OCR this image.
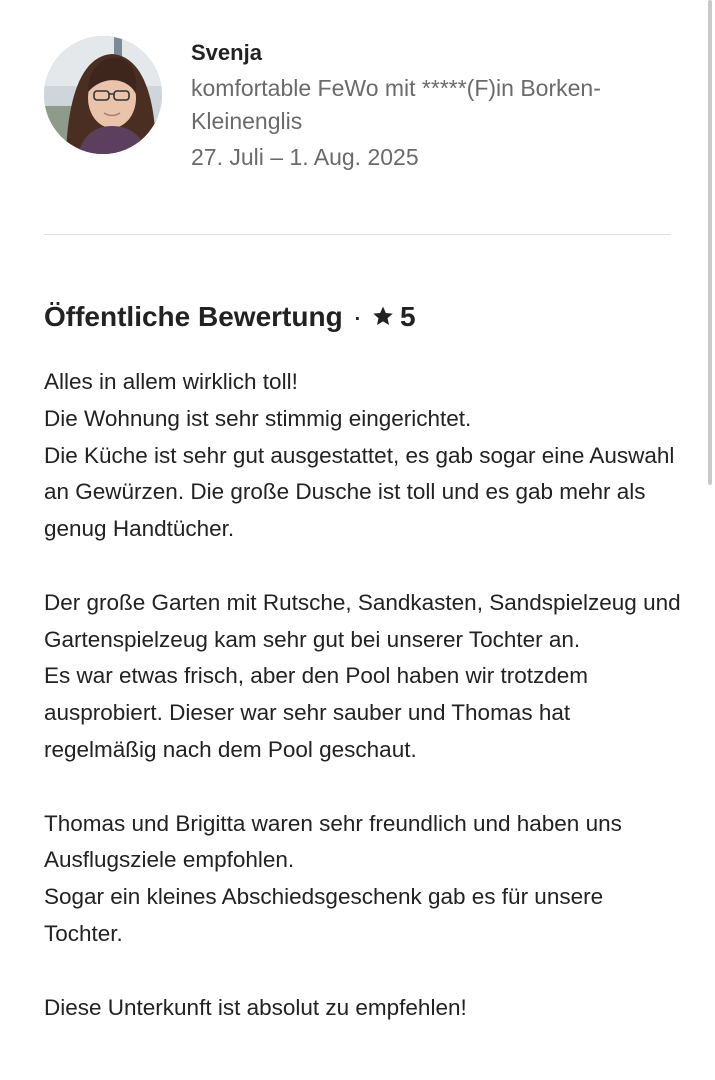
Svenja
komfortable FeWo mit *****(F)in Borken-Kleinenglis
27. Juli – 1. Aug. 2025
Öffentliche Bewertung · 5

Alles in allem wirklich toll!

Die Wohnung ist sehr stimmig eingerichtet.

Die Küche ist sehr gut ausgestattet, es gab sogar eine Auswahl an Gewürzen. Die große Dusche ist toll und es gab mehr als genug Handtücher.

Der große Garten mit Rutsche, Sandkasten, Sandspielzeug und Gartenspielzeug kam sehr gut bei unserer Tochter an.

Es war etwas frisch, aber den Pool haben wir trotzdem ausprobiert. Dieser war sehr sauber und Thomas hat regelmäßig nach dem Pool geschaut.

Thomas und Brigitta waren sehr freundlich und haben uns Ausflugsziele empfohlen.

Sogar ein kleines Abschiedsgeschenk gab es für unsere Tochter.

Diese Unterkunft ist absolut zu empfehlen!
